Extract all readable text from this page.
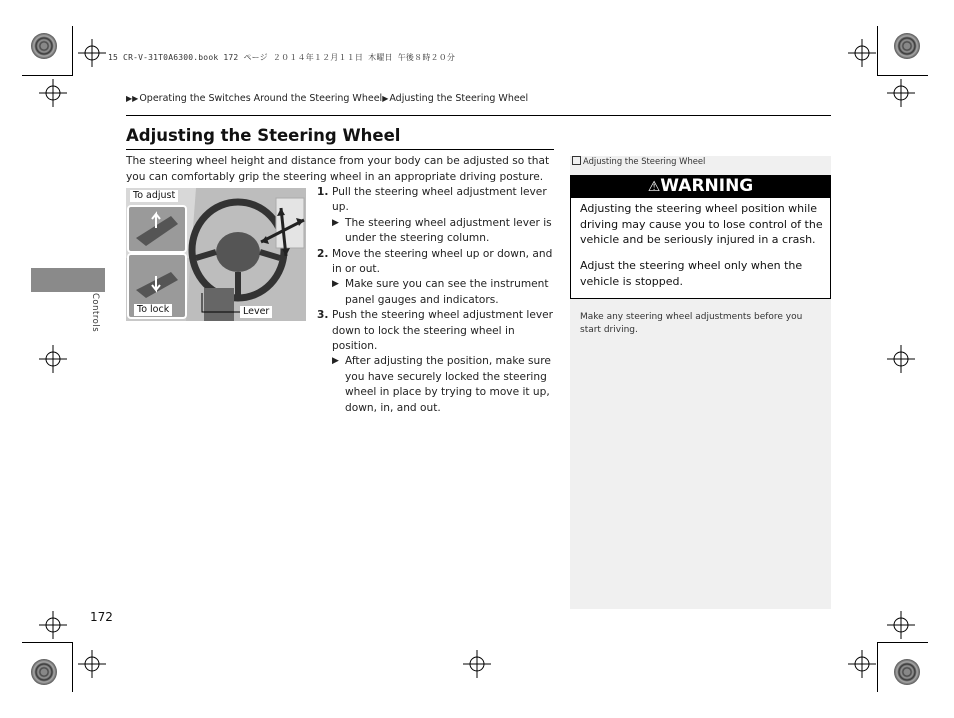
15 CR-V-31T0A6300.book 172 ページ ２０１４年１２月１１日 木曜日 午後８時２０分
▶▶Operating the Switches Around the Steering Wheel▶Adjusting the Steering Wheel
Adjusting the Steering Wheel
The steering wheel height and distance from your body can be adjusted so that you can comfortably grip the steering wheel in an appropriate driving posture.
To adjust
To lock	Lever
1. Pull the steering wheel adjustment lever up.
▶ The steering wheel adjustment lever is under the steering column.
2. Move the steering wheel up or down, and in or out.
▶ Make sure you can see the instrument panel gauges and indicators.
3. Push the steering wheel adjustment lever down to lock the steering wheel in position.
▶ After adjusting the position, make sure you have securely locked the steering wheel in place by trying to move it up, down, in, and out.
Adjusting the Steering Wheel
⚠WARNING
Adjusting the steering wheel position while driving may cause you to lose control of the vehicle and be seriously injured in a crash.
Adjust the steering wheel only when the vehicle is stopped.
Make any steering wheel adjustments before you start driving.
Controls
172
